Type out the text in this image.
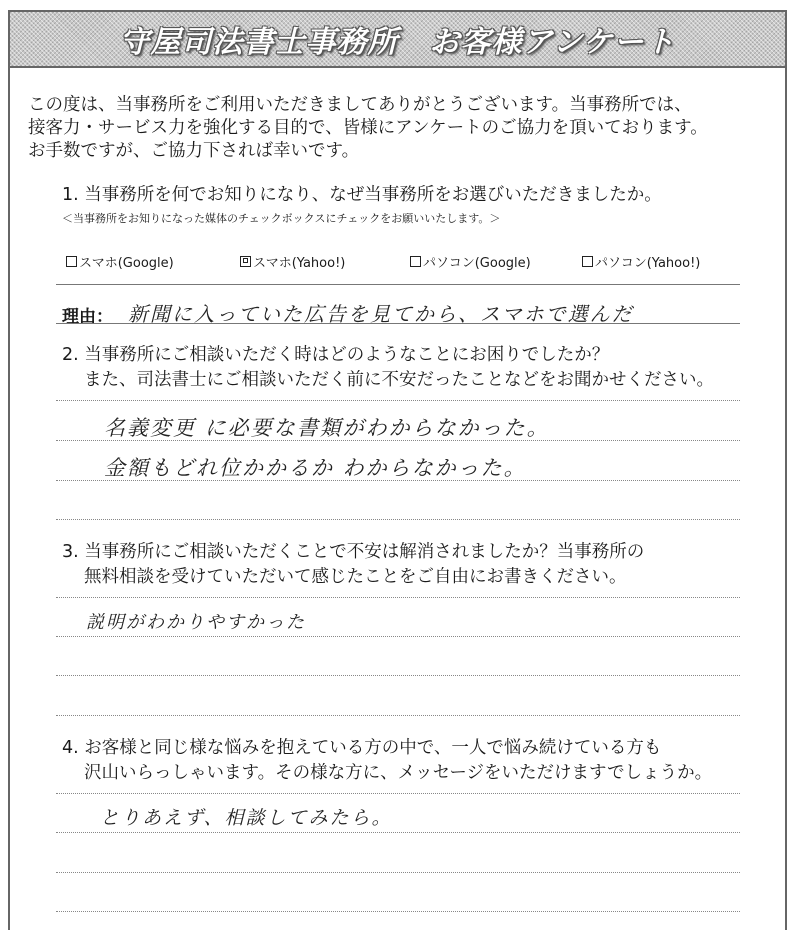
守屋司法書士事務所　お客様アンケート
この度は、当事務所をご利用いただきましてありがとうございます。当事務所では、
接客力・サービス力を強化する目的で、皆様にアンケートのご協力を頂いております。
お手数ですが、ご協力下されば幸いです。
1. 当事務所を何でお知りになり、なぜ当事務所をお選びいただきましたか。
＜当事務所をお知りになった媒体のチェックボックスにチェックをお願いいたします。＞
スマホ(Google)	スマホ(Yahoo!)	パソコン(Google)	パソコン(Yahoo!)
理由： 新聞に入っていた広告を見てから、スマホで選んだ
2. 当事務所にご相談いただく時はどのようなことにお困りでしたか？
また、司法書士にご相談いただく前に不安だったことなどをお聞かせください。
名義変更 に必要な書類がわからなかった。
金額もどれ位かかるか わからなかった。
3. 当事務所にご相談いただくことで不安は解消されましたか？当事務所の
無料相談を受けていただいて感じたことをご自由にお書きください。
説明がわかりやすかった
4. お客様と同じ様な悩みを抱えている方の中で、一人で悩み続けている方も
沢山いらっしゃいます。その様な方に、メッセージをいただけますでしょうか。
とりあえず、相談してみたら。
